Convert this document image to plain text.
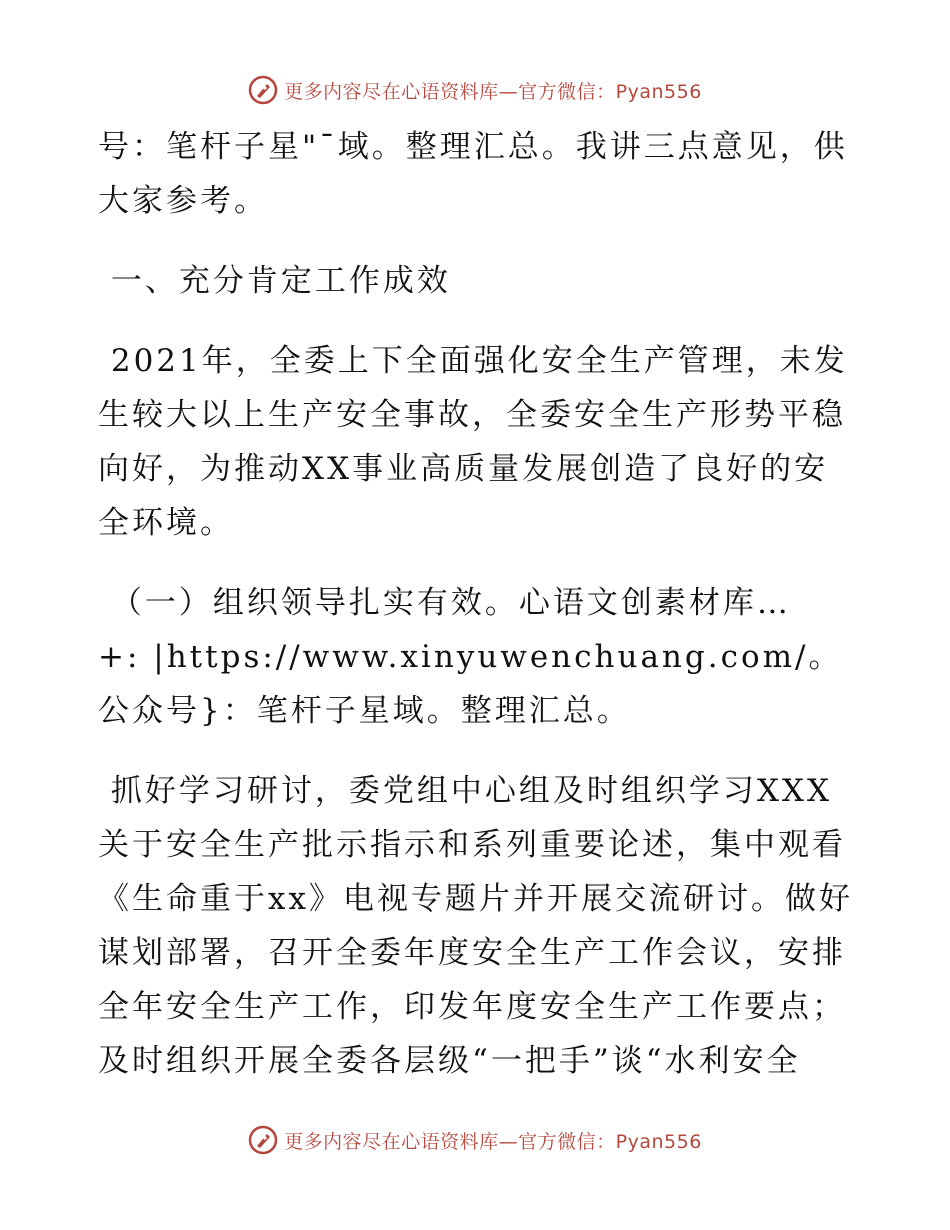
更多内容尽在心语资料库—官方微信：Pyan556

号：笔杆子星"¯域。整理汇总。我讲三点意见，供大家参考。

一、充分肯定工作成效

2021年，全委上下全面强化安全生产管理，未发生较大以上生产安全事故，全委安全生产形势平稳向好，为推动XX事业高质量发展创造了良好的安全环境。

（一）组织领导扎实有效。心语文创素材库…
+: |https://www.xinyuwenchuang.com/。公众号}：笔杆子星域。整理汇总。

抓好学习研讨，委党组中心组及时组织学习XXX
关于安全生产批示指示和系列重要论述，集中观看《生命重于xx》电视专题片并开展交流研讨。做好谋划部署，召开全委年度安全生产工作会议，安排全年安全生产工作，印发年度安全生产工作要点；及时组织开展全委各层级“一把手”谈“水利安全

更多内容尽在心语资料库—官方微信：Pyan556
